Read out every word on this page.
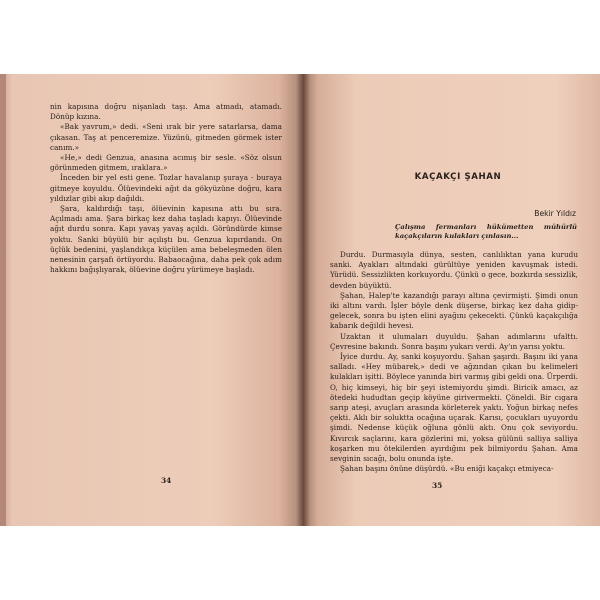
nin kapısına doğru nişanladı taşı. Ama atmadı, atamadı. Dönüp kızına.

«Bak yavrum,» dedi. «Seni ırak bir yere satarlarsa, dama çıkasan. Taş at penceremize. Yüzünü, gitmeden görmek ister canım.»

«He,» dedi Genzua, anasına acımış bir sesle. «Söz olsun görünmeden gitmem, ıraklara.»

İnceden bir yel esti gene. Tozlar havalanıp şuraya - buraya gitmeye koyuldu. Ölüevindeki ağıt da gökyüzüne doğru, kara yıldızlar gibi akıp dağıldı.

Şara, kaldırdığı taşı, ölüevinin kapısına attı bu sıra. Açılmadı ama. Şara birkaç kez daha taşladı kapıyı. Ölüevinde ağıt durdu sonra. Kapı yavaş yavaş açıldı. Göründürde kimse yoktu. Sanki büyülü bir açılıştı bu. Genzua kıpırdandı. On üçlük bedenini, yaşlandıkça küçülen ama bebeleşmeden ölen nenesinin çarşafı örtüyordu. Babaocağına, daha pek çok adım hakkını bağışlıyarak, ölüevine doğru yürümeye başladı.

34
KAÇAKÇI ŞAHAN
Bekir Yıldız
Çalışma fermanları hükümetten mühürlü kaçakçıların kulakları çınlasın...

Durdu. Durmasıyla dünya, sesten, canlılıktan yana kurudu sanki. Ayakları altındaki gürültüye yeniden kavuşmak istedi. Yürüdü. Sessizlikten korkuyordu. Çünkü o gece, bozkırda sessizlik, devden büyüktü.

Şahan, Halep'te kazandığı parayı altına çevirmişti. Şimdi onun iki altını vardı. İşler böyle denk düşerse, birkaç kez daha gidip-gelecek, sonra bu işten elini ayağını çekecekti. Çünkü kaçakçılığa kabarık değildi hevesi.

Uzaktan it ulumaları duyuldu. Şahan adımlarını ufalttı. Çevresine bakındı. Sonra başını yukarı verdi. Ay'ın yarısı yoktu.

İyice durdu. Ay, sanki koşuyordu. Şahan şaşırdı. Başını iki yana salladı. «Hey mübarek,» dedi ve ağzından çıkan bu kelimeleri kulakları işitti. Böylece yanında biri varmış gibi geldi ona. Ürperdi. O, hiç kimseyi, hiç bir şeyi istemiyordu şimdi. Biricik amacı, az ötedeki hududtan geçip köyüne girivermekti. Çöneldi. Bir cıgara sarıp ateşi, avuçları arasında körleterek yaktı. Yoğun birkaç nefes çekti. Aklı bir soluktta ocağına uçarak. Karısı, çocukları uyuyordu şimdi. Nedense küçük oğluna gönlü aktı. Onu çok seviyordu. Kıvırcık saçlarını, kara gözlerini mi, yoksa gülünü salliya salliya koşarken mu ötekilerden ayırdığını pek bilmiyordu Şahan. Ama sevginin sıcağı, bolu onunda işte.

Şahan başını önüne düşürdü. «Bu eniği kaçakçı etmiyeca-

35
